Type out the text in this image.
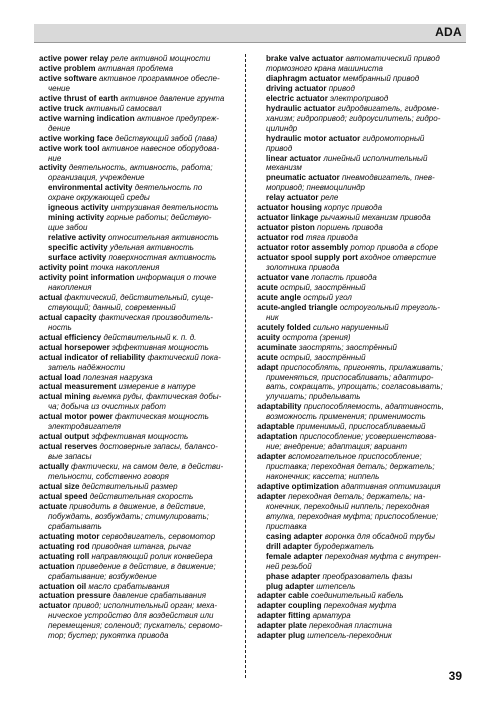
ADA

active power relay реле активной мощности

active problem активная проблема

active software активное программное обеспе-

чение

active thrust of earth активное давление грунта

active truck активный самосвал

active warning indication активное предупреж-

дение

active working face действующий забой (лава)

active work tool активное навесное оборудова-

ние

activity деятельность, активность, работа;

организация, учреждение

environmental activity деятельность по

охране окружающей среды

igneous activity интрузивная деятельность

mining activity горные работы; действую-

щие забои

relative activity относительная активность

specific activity удельная активность

surface activity поверхностная активность

activity point точка накопления

activity point information информация о точке

накопления

actual фактический, действительный, суще-

ствующий; данный, современный

actual capacity фактическая производитель-

ность

actual efficiency действительный к. п. д.

actual horsepower эффективная мощность

actual indicator of reliability фактический пока-

затель надёжности

actual load полезная нагрузка

actual measurement измерение в натуре

actual mining выемка руды, фактическая добы-

ча; добыча из очистных работ

actual motor power фактическая мощность

электродвигателя

actual output эффективная мощность

actual reserves достоверные запасы, балансо-

вые запасы

actually фактически, на самом деле, в действи-

тельности, собственно говоря

actual size действительный размер

actual speed действительная скорость

actuate приводить в движение, в действие,

побуждать, возбуждать; стимулировать;

срабатывать

actuating motor серводвигатель, сервомотор

actuating rod приводная штанга, рычаг

actuating roll направляющий ролик конвейера

actuation приведение в действие, в движение;

срабатывание; возбуждение

actuation oil масло срабатывания

actuation pressure давление срабатывания

actuator привод; исполнительный орган; меха-

ническое устройство для воздействия или

перемещения; соленоид; пускатель; сервомо-

тор; бустер; рукоятка привода

brake valve actuator автоматический привод

тормозного крана машиниста

diaphragm actuator мембранный привод

driving actuator привод

electric actuator электропривод

hydraulic actuator гидродвигатель, гидроме-

ханизм; гидропривод; гидроусилитель; гидро-

цилиндр

hydraulic motor actuator гидромоторный

привод

linear actuator линейный исполнительный

механизм

pneumatic actuator пневмодвигатель, пнев-

мопривод; пневмоцилиндр

relay actuator реле

actuator housing корпус привода

actuator linkage рычажный механизм привода

actuator piston поршень привода

actuator rod тяга привода

actuator rotor assembly ротор привода в сборе

actuator spool supply port входное отверстие

золотника привода

actuator vane лопасть привода

acute острый, заострённый

acute angle острый угол

acute-angled triangle остроугольный треуголь-

ник

acutely folded сильно нарушенный

acuity острота (зрения)

acuminate заострять; заострённый

acute острый, заострённый

adapt приспособлять, пригонять, прилаживать;

применяться, приспосабливать; адаптиро-

вать, сокращать, упрощать; согласовывать;

улучшать; приделывать

adaptability приспособляемость, адаптивность,

возможность применения; применимость

adaptable применимый, приспосабливаемый

adaptation приспособление; усовершенствова-

ние; внедрение; адаптация; вариант

adapter вспомогательное приспособление;

приставка; переходная деталь; держатель;

наконечник; кассета; ниппель

adaptive optimization адаптивная оптимизация

adapter переходная деталь; держатель; на-

конечник, переходный ниппель; переходная

втулка, переходная муфта; приспособление;

приставка

casing adapter воронка для обсадной трубы

drill adapter буродержатель

female adapter переходная муфта с внутрен-

ней резьбой

phase adapter преобразователь фазы

plug adapter штепсель

adapter cable соединительный кабель

adapter coupling переходная муфта

adapter fitting арматура

adapter plate переходная пластина

adapter plug штепсель-переходник

39
